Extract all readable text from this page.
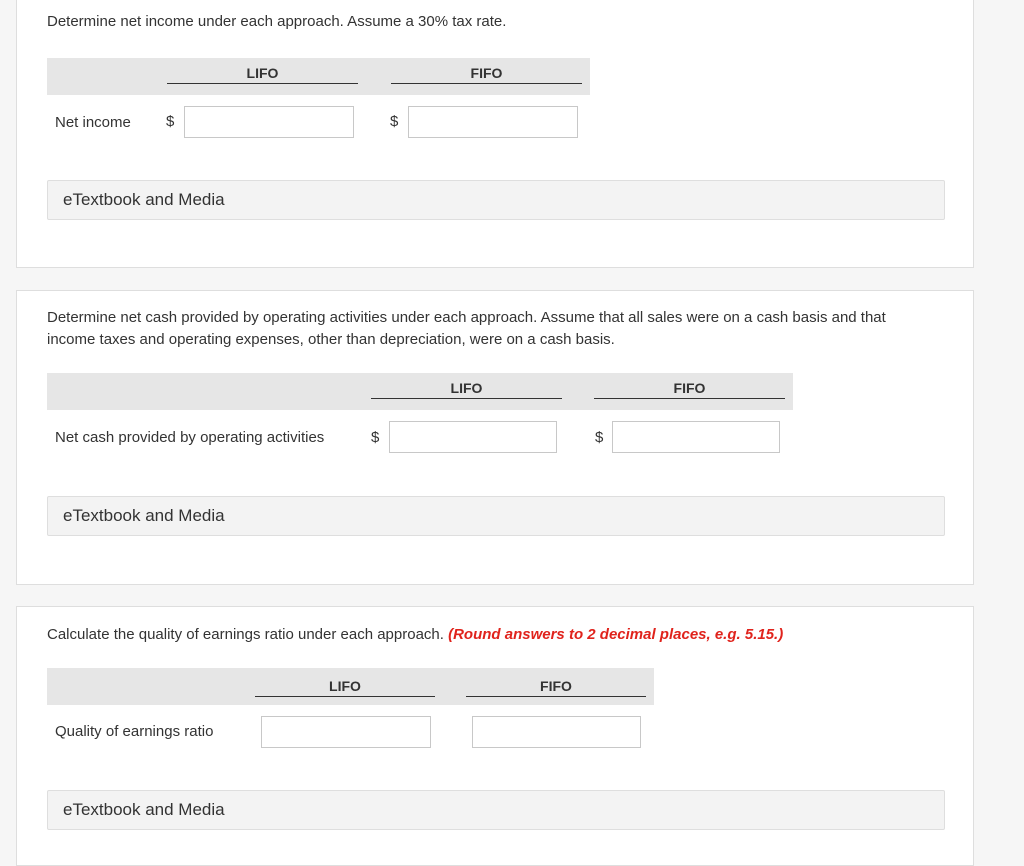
Determine net income under each approach. Assume a 30% tax rate.
LIFO	FIFO
Net income $	$
eTextbook and Media
Determine net cash provided by operating activities under each approach. Assume that all sales were on a cash basis and that income taxes and operating expenses, other than depreciation, were on a cash basis.
LIFO	FIFO
Net cash provided by operating activities	$	$
eTextbook and Media
Calculate the quality of earnings ratio under each approach. (Round answers to 2 decimal places, e.g. 5.15.)
LIFO	FIFO
Quality of earnings ratio
eTextbook and Media
